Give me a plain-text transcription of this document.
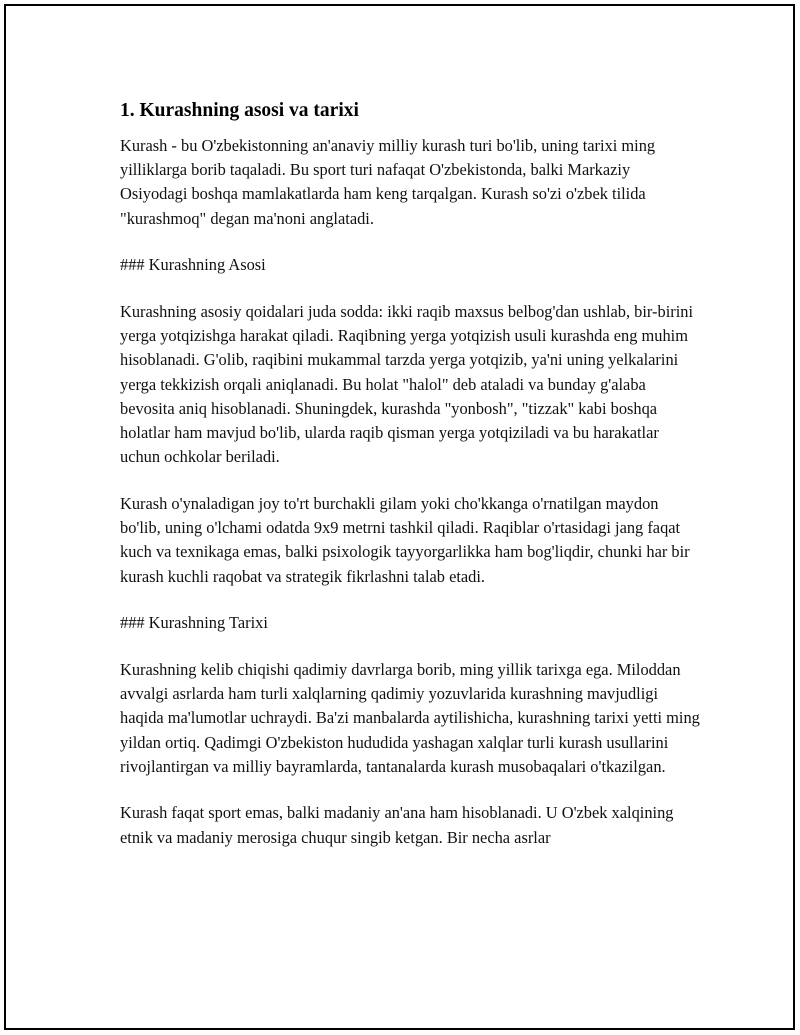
1. Kurashning asosi va tarixi

Kurash - bu O'zbekistonning an'anaviy milliy kurash turi bo'lib, uning tarixi ming yilliklarga borib taqaladi. Bu sport turi nafaqat O'zbekistonda, balki Markaziy Osiyodagi boshqa mamlakatlarda ham keng tarqalgan. Kurash so'zi o'zbek tilida "kurashmoq" degan ma'noni anglatadi.

### Kurashning Asosi

Kurashning asosiy qoidalari juda sodda: ikki raqib maxsus belbog'dan ushlab, bir-birini yerga yotqizishga harakat qiladi. Raqibning yerga yotqizish usuli kurashda eng muhim hisoblanadi. G'olib, raqibini mukammal tarzda yerga yotqizib, ya'ni uning yelkalarini yerga tekkizish orqali aniqlanadi. Bu holat "halol" deb ataladi va bunday g'alaba bevosita aniq hisoblanadi. Shuningdek, kurashda "yonbosh", "tizzak" kabi boshqa holatlar ham mavjud bo'lib, ularda raqib qisman yerga yotqiziladi va bu harakatlar uchun ochkolar beriladi.

Kurash o'ynaladigan joy to'rt burchakli gilam yoki cho'kkanga o'rnatilgan maydon bo'lib, uning o'lchami odatda 9x9 metrni tashkil qiladi. Raqiblar o'rtasidagi jang faqat kuch va texnikaga emas, balki psixologik tayyorgarlikka ham bog'liqdir, chunki har bir kurash kuchli raqobat va strategik fikrlashni talab etadi.

### Kurashning Tarixi

Kurashning kelib chiqishi qadimiy davrlarga borib, ming yillik tarixga ega. Miloddan avvalgi asrlarda ham turli xalqlarning qadimiy yozuvlarida kurashning mavjudligi haqida ma'lumotlar uchraydi. Ba'zi manbalarda aytilishicha, kurashning tarixi yetti ming yildan ortiq. Qadimgi O'zbekiston hududida yashagan xalqlar turli kurash usullarini rivojlantirgan va milliy bayramlarda, tantanalarda kurash musobaqalari o'tkazilgan.

Kurash faqat sport emas, balki madaniy an'ana ham hisoblanadi. U O'zbek xalqining etnik va madaniy merosiga chuqur singib ketgan. Bir necha asrlar
